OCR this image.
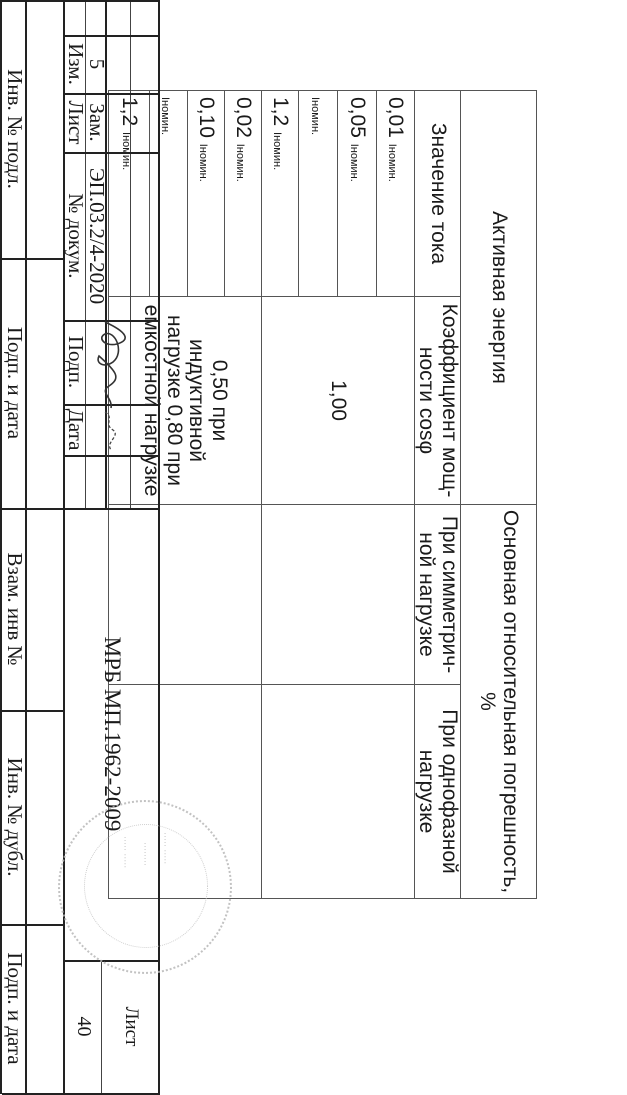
Активная энергия		Основная относительная погрешность, %	
Значение тока	Коэффициент мощ-ности cosφ	При симметрич-ной нагрузке	При однофазной нагрузке
0,01 Iномин.	1,00		
0,05 Iномин.			
Iномин.			
1,2 Iномин.			
0,02 Iномин.	0,50 при индуктивной нагрузке 0,80 при емкостной нагрузке		
0,10 Iномин.			
Iномин.			
1,2 Iномин.			
5
Зам.
ЭП.03.2/4-2020
Изм.
Лист
№ докум.
Подп.
Дата
МРБ МП.1962-2009
Лист
40
Инв. № подл.
Подп. и дата
Взам. инв №
Инв. № дубл.
Подп. и дата
····· ·····
········
····· ·····
